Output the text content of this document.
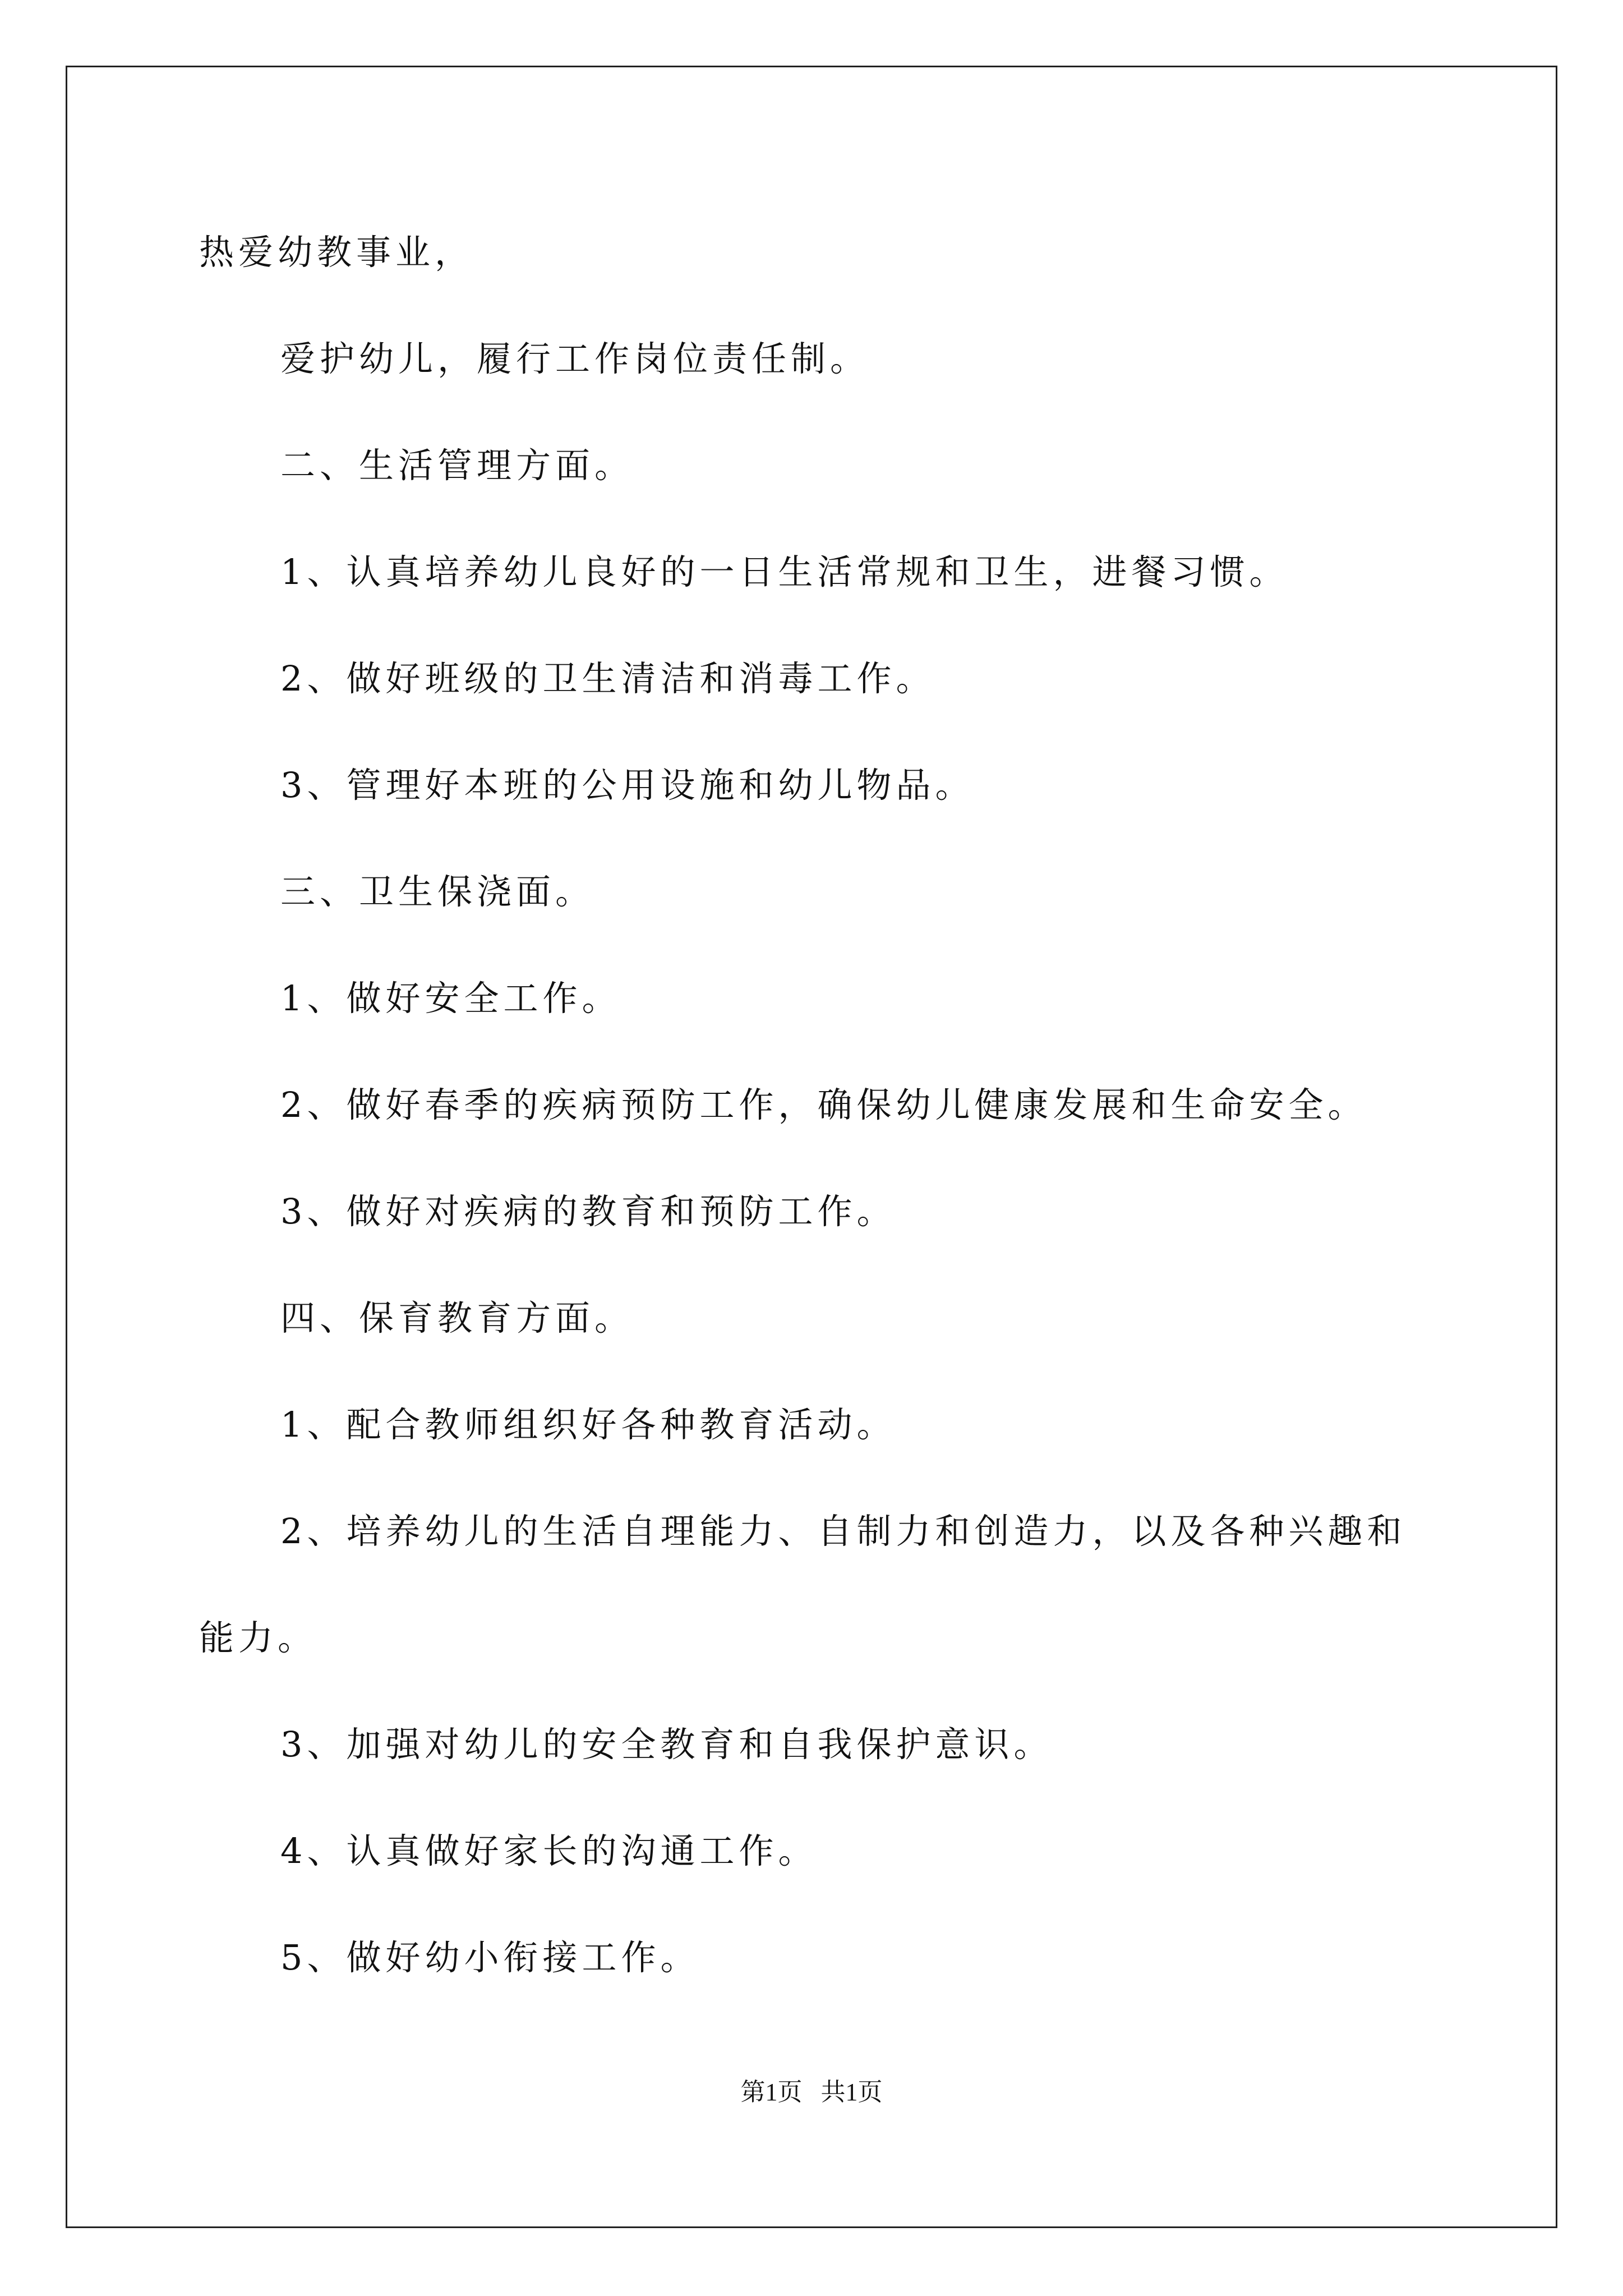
热爱幼教事业，
爱护幼儿，履行工作岗位责任制。
二、生活管理方面。
1、认真培养幼儿良好的一日生活常规和卫生，进餐习惯。
2、做好班级的卫生清洁和消毒工作。
3、管理好本班的公用设施和幼儿物品。
三、卫生保浇面。
1、做好安全工作。
2、做好春季的疾病预防工作，确保幼儿健康发展和生命安全。
3、做好对疾病的教育和预防工作。
四、保育教育方面。
1、配合教师组织好各种教育活动。
2、培养幼儿的生活自理能力、自制力和创造力，以及各种兴趣和
能力。
3、加强对幼儿的安全教育和自我保护意识。
4、认真做好家长的沟通工作。
5、做好幼小衔接工作。
第1页   共1页
